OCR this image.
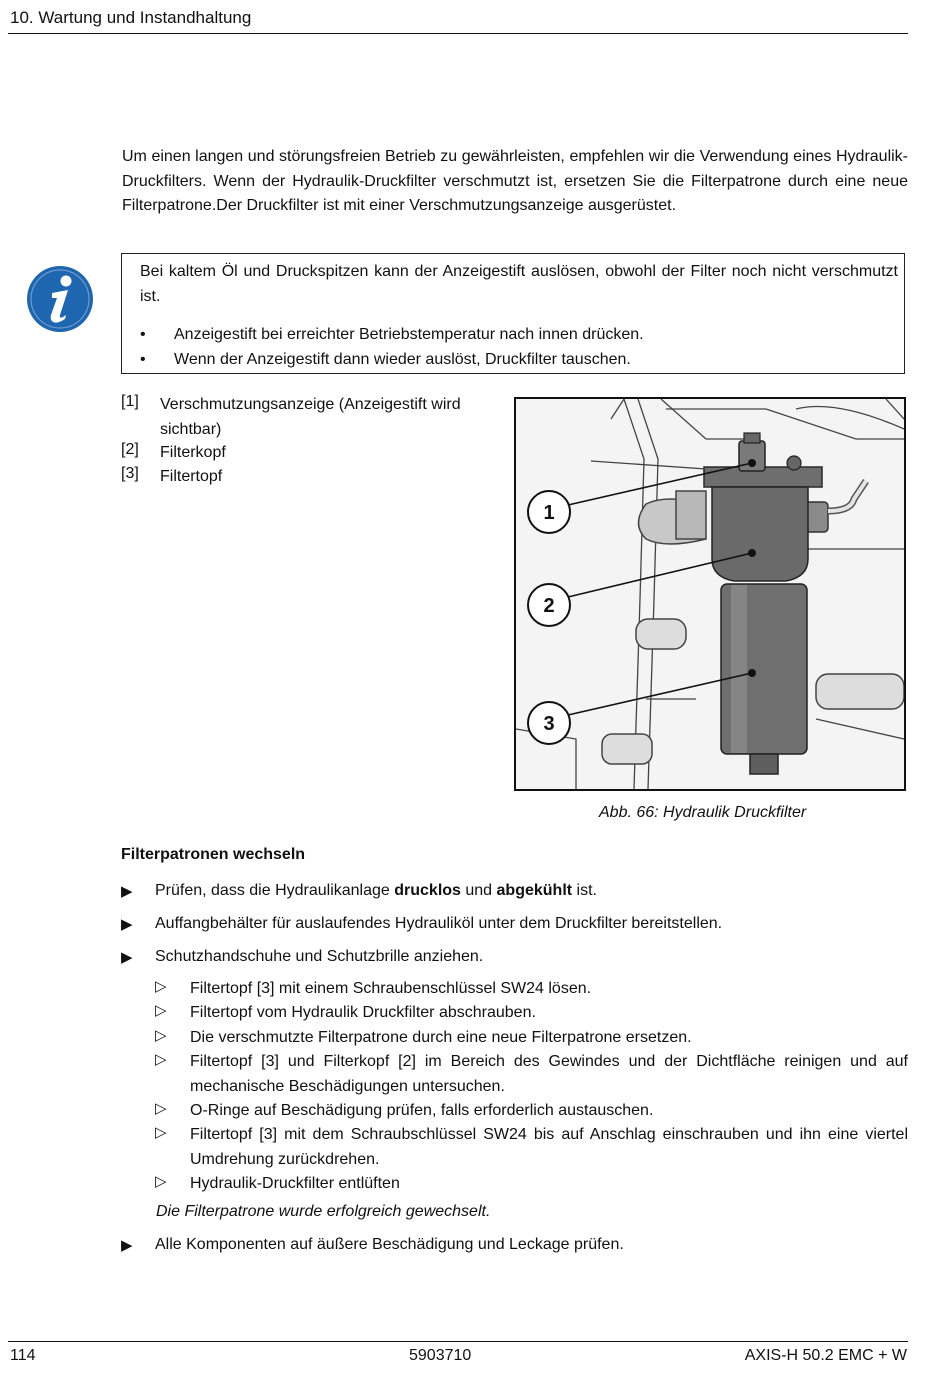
10. Wartung und Instandhaltung
Um einen langen und störungsfreien Betrieb zu gewährleisten, empfehlen wir die Verwendung eines Hydraulik-Druckfilters. Wenn der Hydraulik-Druckfilter verschmutzt ist, ersetzen Sie die Filterpatrone durch eine neue Filterpatrone.Der Druckfilter ist mit einer Verschmutzungsanzeige ausgerüstet.
Bei kaltem Öl und Druckspitzen kann der Anzeigestift auslösen, obwohl der Filter noch nicht verschmutzt ist.
• Anzeigestift bei erreichter Betriebstemperatur nach innen drücken.
• Wenn der Anzeigestift dann wieder auslöst, Druckfilter tauschen.
[1] Verschmutzungsanzeige (Anzeigestift wird sichtbar)
[2] Filterkopf
[3] Filtertopf
1
2
3
Abb. 66: Hydraulik Druckfilter
Filterpatronen wechseln
▶ Prüfen, dass die Hydraulikanlage drucklos und abgekühlt ist.
▶ Auffangbehälter für auslaufendes Hydrauliköl unter dem Druckfilter bereitstellen.
▶ Schutzhandschuhe und Schutzbrille anziehen.
▷ Filtertopf [3] mit einem Schraubenschlüssel SW24 lösen.
▷ Filtertopf vom Hydraulik Druckfilter abschrauben.
▷ Die verschmutzte Filterpatrone durch eine neue Filterpatrone ersetzen.
▷ Filtertopf [3] und Filterkopf [2] im Bereich des Gewindes und der Dichtfläche reinigen und auf mechanische Beschädigungen untersuchen.
▷ O-Ringe auf Beschädigung prüfen, falls erforderlich austauschen.
▷ Filtertopf [3] mit dem Schraubschlüssel SW24 bis auf Anschlag einschrauben und ihn eine viertel Umdrehung zurückdrehen.
▷ Hydraulik-Druckfilter entlüften
Die Filterpatrone wurde erfolgreich gewechselt.
▶ Alle Komponenten auf äußere Beschädigung und Leckage prüfen.
114	5903710	AXIS-H 50.2 EMC + W
